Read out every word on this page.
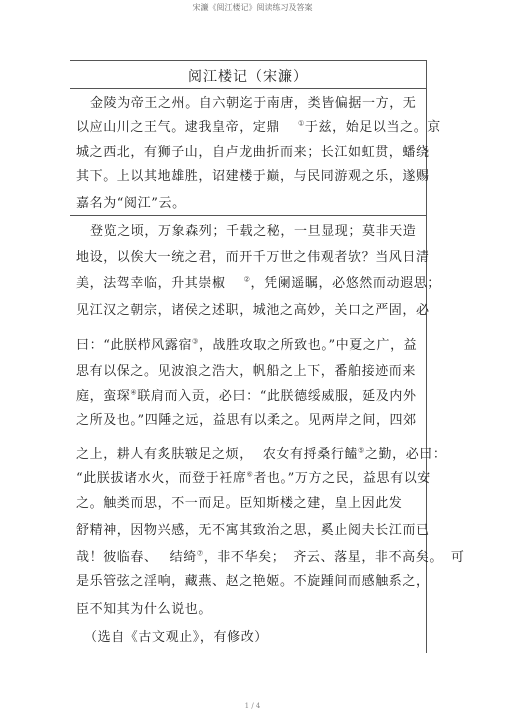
宋濂《阅江楼记》阅读练习及答案
阅江楼记（宋濂）
金陵为帝王之州。自六朝迄于南唐，类皆偏据一方，无
以应山川之王气。逮我皇帝，定鼎	①于兹，始足以当之。京
城之西北，有狮子山，自卢龙曲折而来；长江如虹贯，蟠绕
其下。上以其地雄胜，诏建楼于巅，与民同游观之乐，遂赐
嘉名为“阅江”云。
登览之顷，万象森列；千载之秘，一旦显现；莫非天造
地设，以俟大一统之君，而开千万世之伟观者欤？当风日清
美，法驾幸临，升其崇椒	②，凭阑遥瞩，必悠然而动遐思；
见江汉之朝宗，诸侯之述职，城池之高妙，关口之严固，必
曰：“此朕栉风露宿③，战胜攻取之所致也。”中夏之广，益
思有以保之。见波浪之浩大，帆船之上下，番舶接迹而来
庭，蛮琛④联肩而入贡，必曰：“此朕德绥威服，延及内外
之所及也。”四陲之远，益思有以柔之。见两岸之间，四郊
之上，耕人有炙肤皲足之烦， 农女有捋桑行饁⑤之勤，必曰：
“此朕拔诸水火，而登于衽席⑥者也。”万方之民，益思有以安
之。触类而思，不一而足。臣知斯楼之建，皇上因此发
舒精神，因物兴感，无不寓其致治之思，奚止阅夫长江而已
哉！彼临春、 结绮⑦，非不华矣； 齐云、落星，非不高矣。 可
是乐管弦之淫响，藏燕、赵之艳姬。不旋踵间而感触系之，
臣不知其为什么说也。
（选自《古文观止》，有修改）
1 / 4
